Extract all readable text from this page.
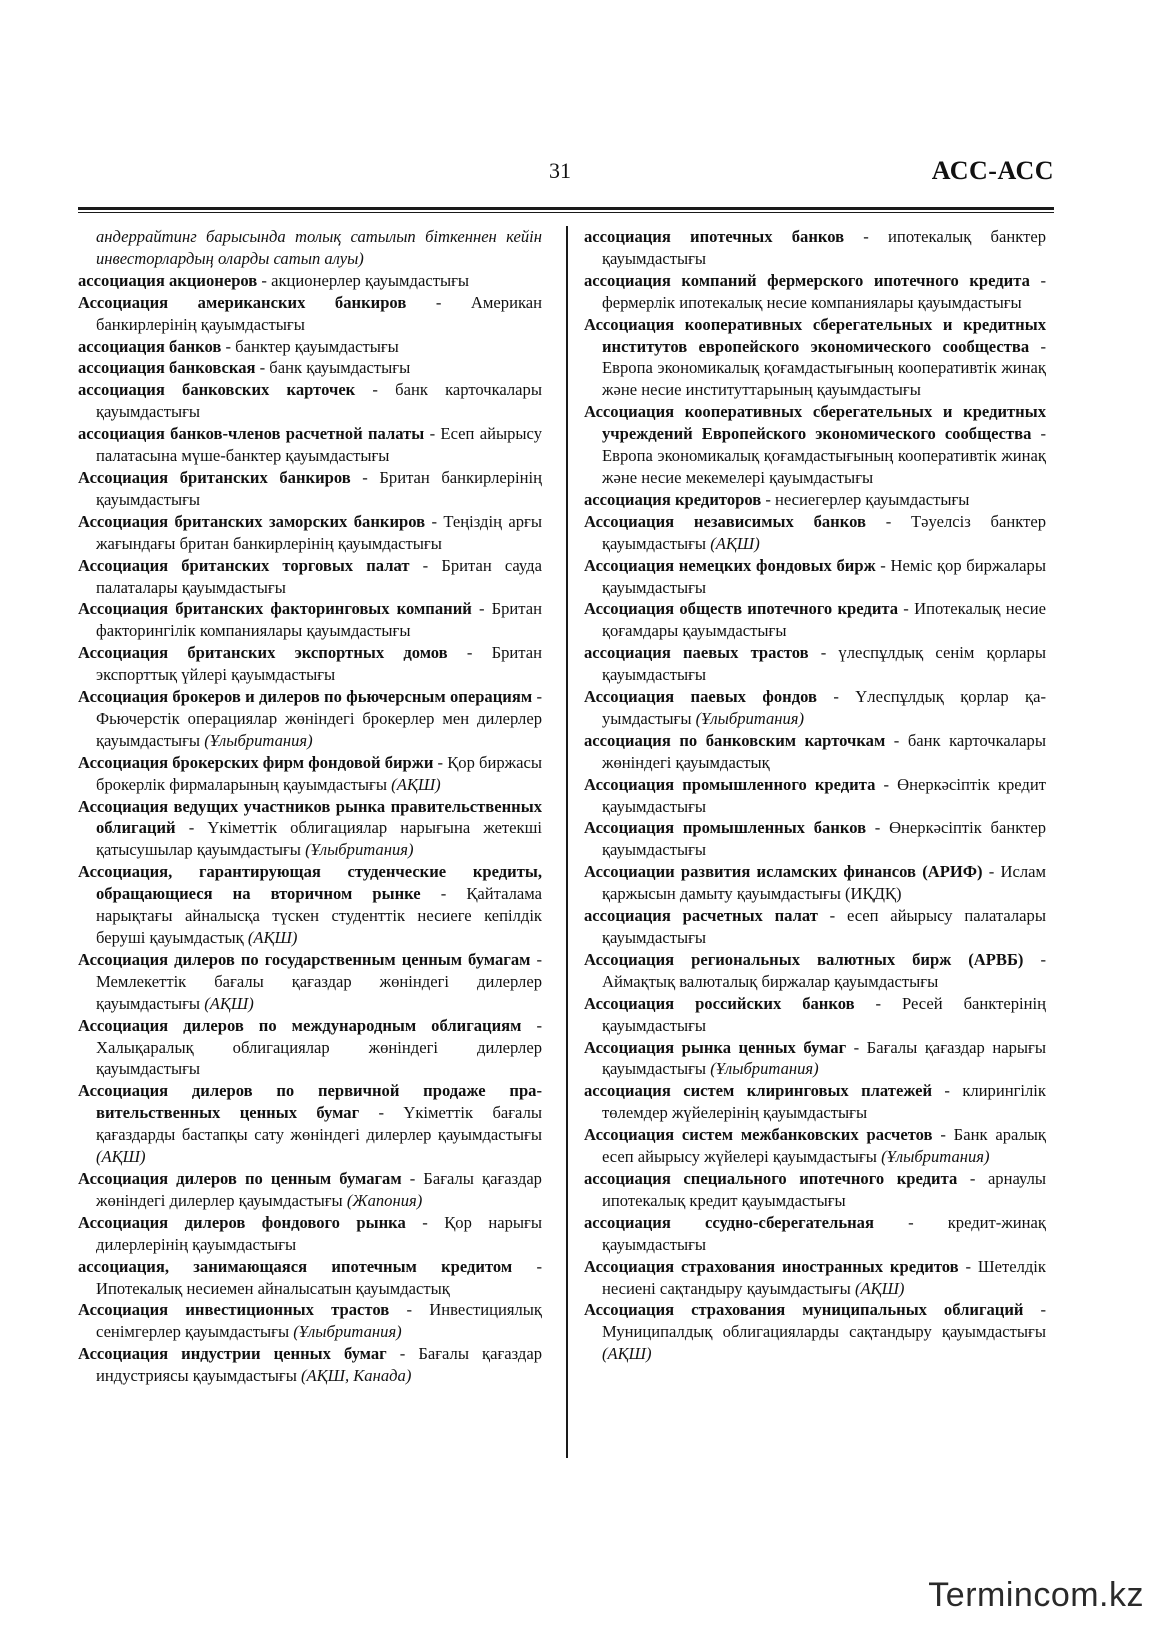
31	АСС-АСС

андеррайтинг барысында толық сатылып біткеннен кейін инвесторлардың оларды сатып алуы)

ассоциация акционеров - акционерлер қауымдастығы

Ассоциация американских банкиров - Американ банкирлерінің қауымдастығы

ассоциация банков - банктер қауымдастығы

ассоциация банковская - банк қауымдастығы

ассоциация банковских карточек - банк карточкалары қауымдастығы

ассоциация банков-членов расчетной палаты - Есеп айырысу палатасына мүше-банктер қауымдастығы

Ассоциация британских банкиров - Британ банкирлерінің қауымдастығы

Ассоциация британских заморских банкиров - Теңіздің арғы жағындағы британ банкирлерінің қауымдастығы

Ассоциация британских торговых палат - Британ сауда палаталары қауымдастығы

Ассоциация британских факторинговых компаний - Британ факторингілік компаниялары қауымдастығы

Ассоциация британских экспортных домов - Британ экспорттық үйлері қауымдастығы

Ассоциация брокеров и дилеров по фьючерсным операциям - Фьючерстік операциялар жөніндегі брокерлер мен дилерлер қауымдастығы (Ұлыбритания)

Ассоциация брокерских фирм фондовой биржи - Қор биржасы брокерлік фирмаларының қауымдастығы (АҚШ)

Ассоциация ведущих участников рынка правительственных облигаций - Үкіметтік облигациялар нарығына жетекші қатысушылар қауымдастығы (Ұлыбритания)

Ассоциация, гарантирующая студенческие кредиты, обращающиеся на вторичном рынке - Қайталама нарықтағы айналысқа түскен студенттік несиеге кепілдік беруші қауымдастық (АҚШ)

Ассоциация дилеров по государственным ценным бумагам - Мемлекеттік бағалы қағаздар жөніндегі дилерлер қауымдастығы (АҚШ)

Ассоциация дилеров по международным облигациям - Халықаралық облигациялар жөніндегі дилерлер қауымдастығы

Ассоциация дилеров по первичной продаже правительственных ценных бумаг - Үкіметтік бағалы қағаздарды бастапқы сату жөніндегі дилерлер қауымдастығы (АҚШ)

Ассоциация дилеров по ценным бумагам - Бағалы қағаздар жөніндегі дилерлер қауымдастығы (Жапония)

Ассоциация дилеров фондового рынка - Қор нарығы дилерлерінің қауымдастығы

ассоциация, занимающаяся ипотечным кредитом - Ипотекалық несиемен айналысатын қауымдастық

Ассоциация инвестиционных трастов - Инвестициялық сенімгерлер қауымдастығы (Ұлыбритания)

Ассоциация индустрии ценных бумаг - Бағалы қағаздар индустриясы қауымдастығы (АҚШ, Канада)

ассоциация ипотечных банков - ипотекалық банктер қауымдастығы

ассоциация компаний фермерского ипотечного кредита - фермерлік ипотекалық несие компаниялары қауымдастығы

Ассоциация кооперативных сберегательных и кредитных институтов европейского экономического сообщества - Европа экономикалық қоғамдастығының кооперативтік жинақ және несие институттарының қауымдастығы

Ассоциация кооперативных сберегательных и кредитных учреждений Европейского экономического сообщества - Европа экономикалық қоғамдастығының кооперативтік жинақ және несие мекемелері қауымдастығы

ассоциация кредиторов - несиегерлер қауымдастығы

Ассоциация независимых банков - Тәуелсіз банктер қауымдастығы (АҚШ)

Ассоциация немецких фондовых бирж - Неміс қор биржалары қауымдастығы

Ассоциация обществ ипотечного кредита - Ипотекалық несие қоғамдары қауымдастығы

ассоциация паевых трастов - үлеспұлдық сенім қорлары қауымдастығы

Ассоциация паевых фондов - Үлеспұлдық қорлар қауымдастығы (Ұлыбритания)

ассоциация по банковским карточкам - банк карточкалары жөніндегі қауымдастық

Ассоциация промышленного кредита - Өнеркәсіптік кредит қауымдастығы

Ассоциация промышленных банков - Өнеркәсіптік банктер қауымдастығы

Ассоциации развития исламских финансов (АРИФ) - Ислам қаржысын дамыту қауымдастығы (ИҚДҚ)

ассоциация расчетных палат - есеп айырысу палаталары қауымдастығы

Ассоциация региональных валютных бирж (АРВБ) - Аймақтық валюталық биржалар қауымдастығы

Ассоциация российских банков - Ресей банктерінің қауымдастығы

Ассоциация рынка ценных бумаг - Бағалы қағаздар нарығы қауымдастығы (Ұлыбритания)

ассоциация систем клиринговых платежей - клирингілік төлемдер жүйелерінің қауымдастығы

Ассоциация систем межбанковских расчетов - Банк аралық есеп айырысу жүйелері қауымдастығы (Ұлыбритания)

ассоциация специального ипотечного кредита - арнаулы ипотекалық кредит қауымдастығы

ассоциация ссудно-сберегательная - кредит-жинақ қауымдастығы

Ассоциация страхования иностранных кредитов - Шетелдік несиені сақтандыру қауымдастығы (АҚШ)

Ассоциация страхования муниципальных облигаций - Муниципалдық облигацияларды сақтандыру қауымдастығы (АҚШ)

Termincom.kz
